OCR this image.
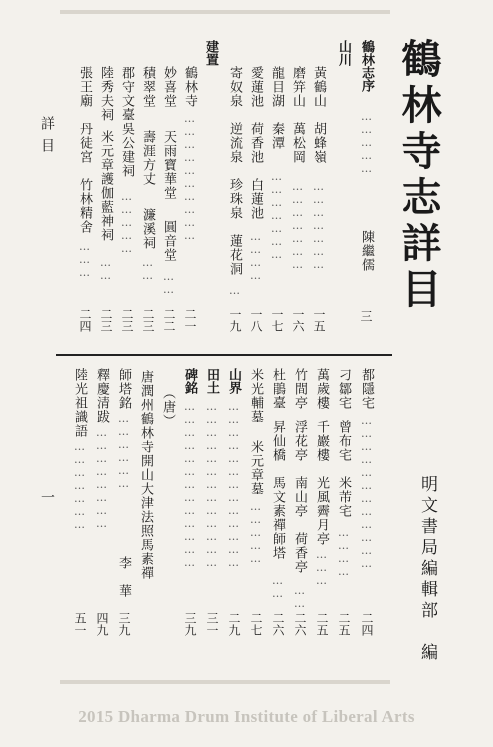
鶴林寺志詳目
明文書局編輯部　編
詳目
一
鶴林志序
……………
陳繼儒
三
山川
黃鶴山
胡蜂嶺
…………………
一五
磨笄山
萬松岡
…………………
一六
龍目湖
秦潭
…………………
一七
愛蓮池
荷香池
白蓮池
…………
一八
寄奴泉
逆流泉
珍珠泉
蓮花洞
…
一九
建置
鶴林寺
…………………………
二一
妙喜堂
天雨寶華堂
圓音堂
……
二二
積翠堂
壽涯方丈
濂溪祠
……
二三
郡守文臺吳公建祠
……………
二三
陸秀夫祠
米元章護伽藍神祠
……
二三
張王廟
丹徒宮
竹林精舍
………
二四
都隱宅
………………………………
二四
刁鄒宅
曾布宅
米芾宅
…………
二五
萬歲樓
千巖樓
光風霽月亭
………
二五
竹間亭
浮花亭
南山亭
荷香亭
……
二六
杜鵑臺
昇仙橋
馬文素禪師塔
……
二六
米光輔墓
米元章墓
……………
二七
山界
…………………………………
二九
田土
…………………………………
三一
碑銘
…………………………………
三九
（唐）
唐潤州鶴林寺開山大津法照馬素禪
師塔銘
………………
李　華
三九
釋慶清跋
……………………
四九
陸光祖識語
…………………
五一
2015 Dharma Drum Institute of Liberal Arts
